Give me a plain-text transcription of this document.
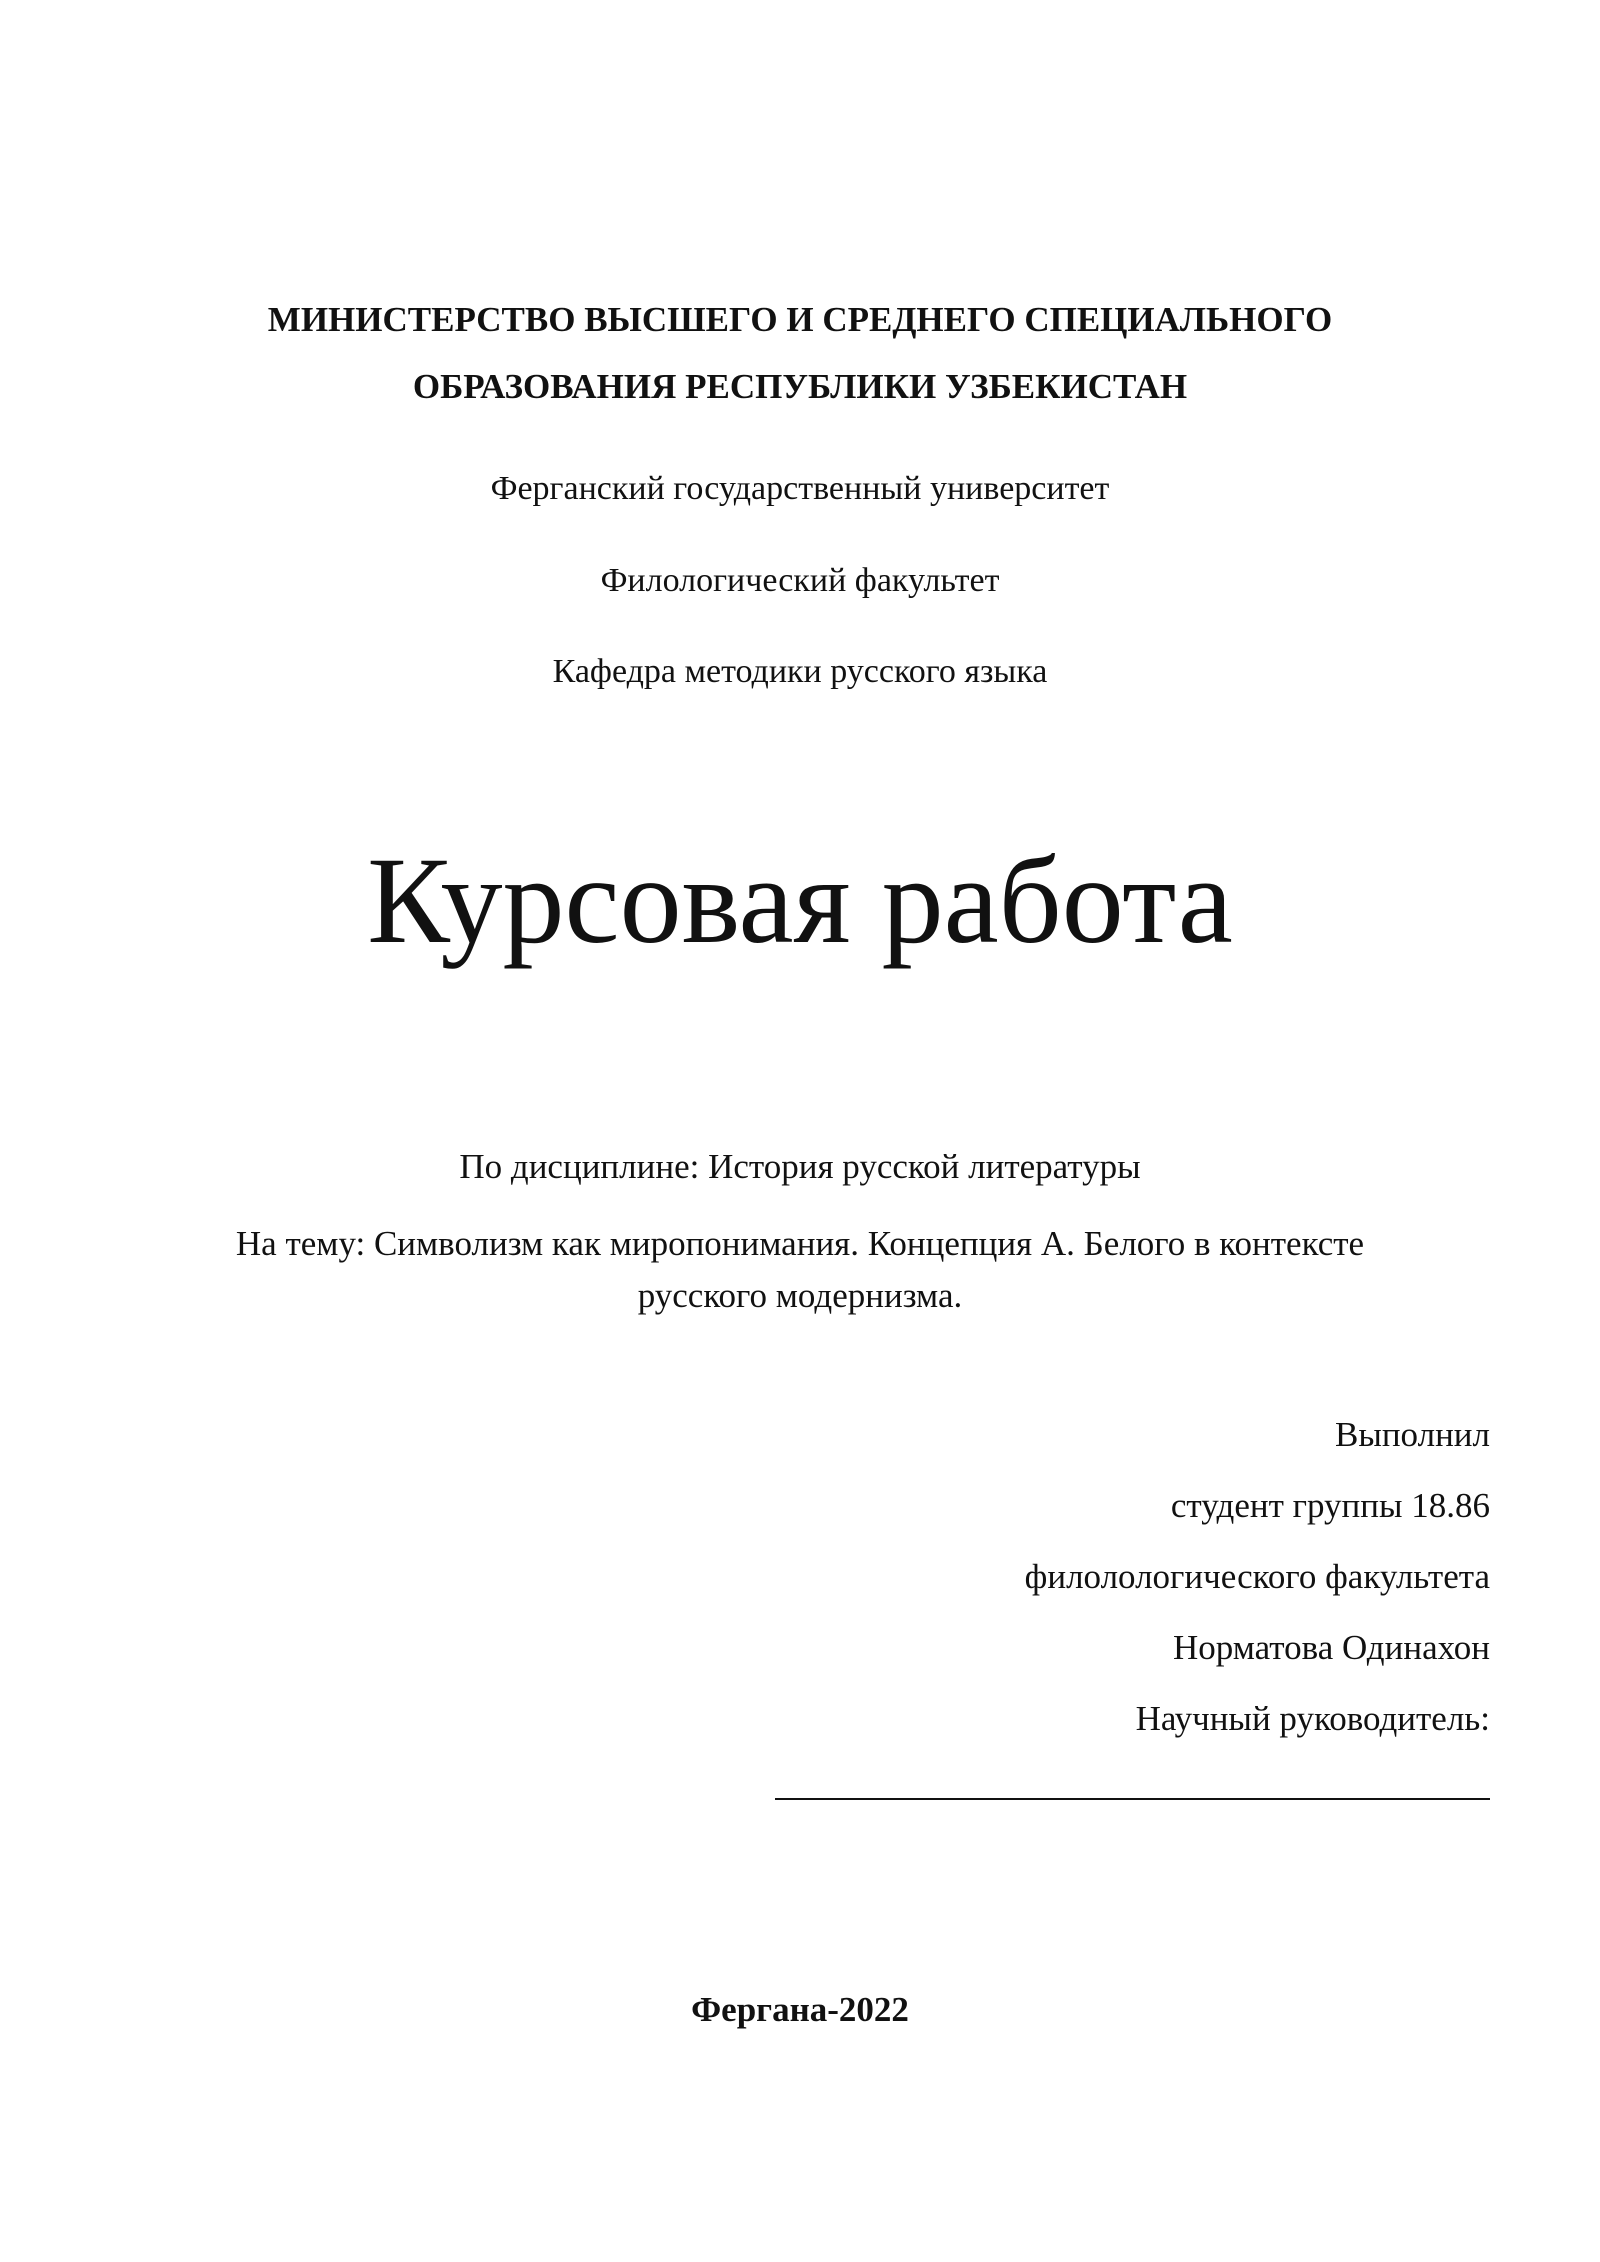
МИНИСТЕРСТВО ВЫСШЕГО И СРЕДНЕГО СПЕЦИАЛЬНОГО
ОБРАЗОВАНИЯ РЕСПУБЛИКИ УЗБЕКИСТАН
Ферганский государственный университет
Филологический факультет
Кафедра методики русского языка
Курсовая работа
По дисциплине: История русской литературы
На тему: Символизм как миропонимания. Концепция А. Белого в контексте
русского модернизма.
Выполнил
студент группы 18.86
филолологического факультета
Норматова Одинахон
Научный руководитель:
Фергана-2022
